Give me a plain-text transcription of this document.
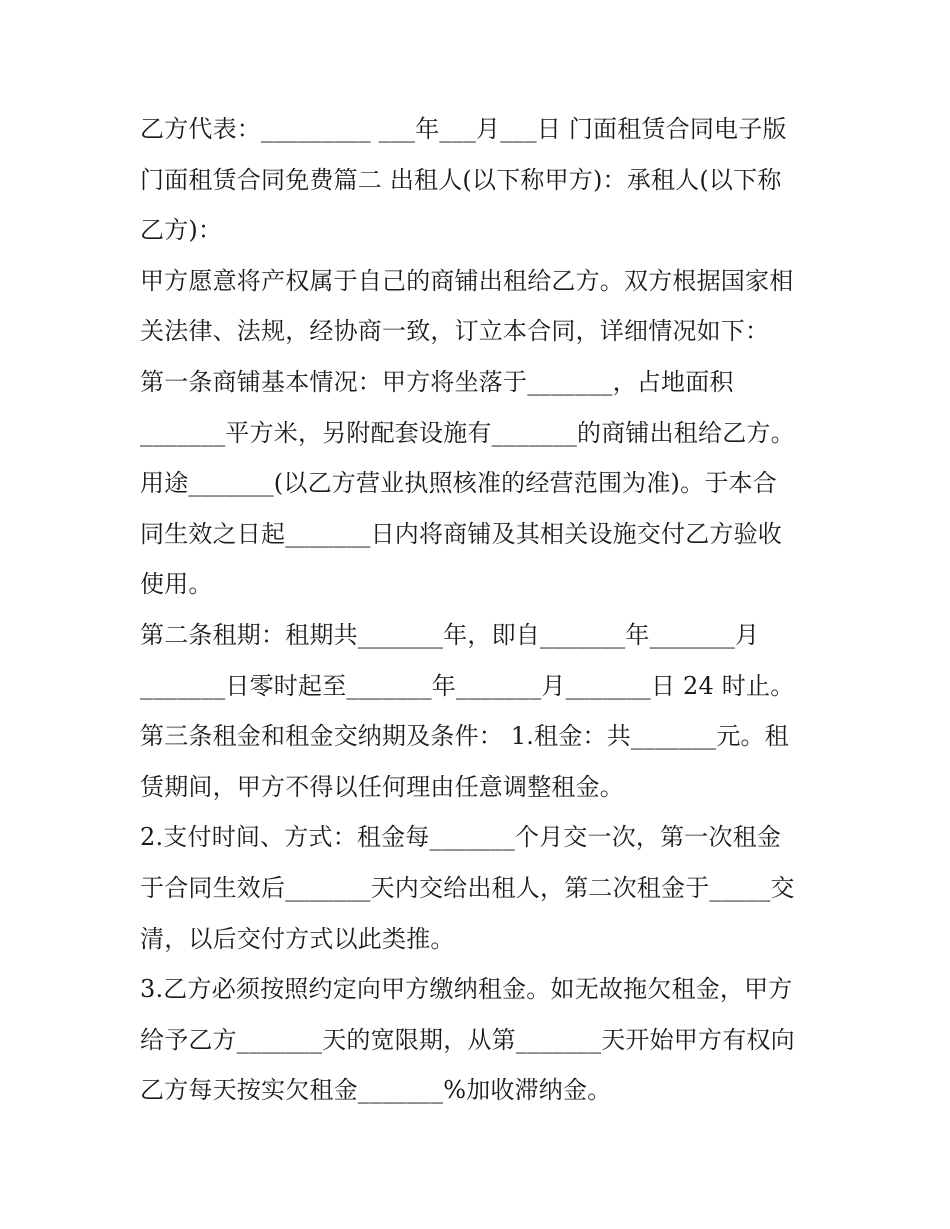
乙方代表：_________ ___年___月___日 门面租赁合同电子版
门面租赁合同免费篇二 出租人(以下称甲方)：承租人(以下称
乙方)：
甲方愿意将产权属于自己的商铺出租给乙方。双方根据国家相
关法律、法规，经协商一致，订立本合同，详细情况如下：
第一条商铺基本情况：甲方将坐落于_______，占地面积
_______平方米，另附配套设施有_______的商铺出租给乙方。
用途_______(以乙方营业执照核准的经营范围为准)。于本合
同生效之日起_______日内将商铺及其相关设施交付乙方验收
使用。
第二条租期：租期共_______年，即自_______年_______月
_______日零时起至_______年_______月_______日 24 时止。
第三条租金和租金交纳期及条件： 1.租金：共_______元。租
赁期间，甲方不得以任何理由任意调整租金。
2.支付时间、方式：租金每_______个月交一次，第一次租金
于合同生效后_______天内交给出租人，第二次租金于_____交
清，以后交付方式以此类推。
3.乙方必须按照约定向甲方缴纳租金。如无故拖欠租金，甲方
给予乙方_______天的宽限期，从第_______天开始甲方有权向
乙方每天按实欠租金_______%加收滞纳金。
